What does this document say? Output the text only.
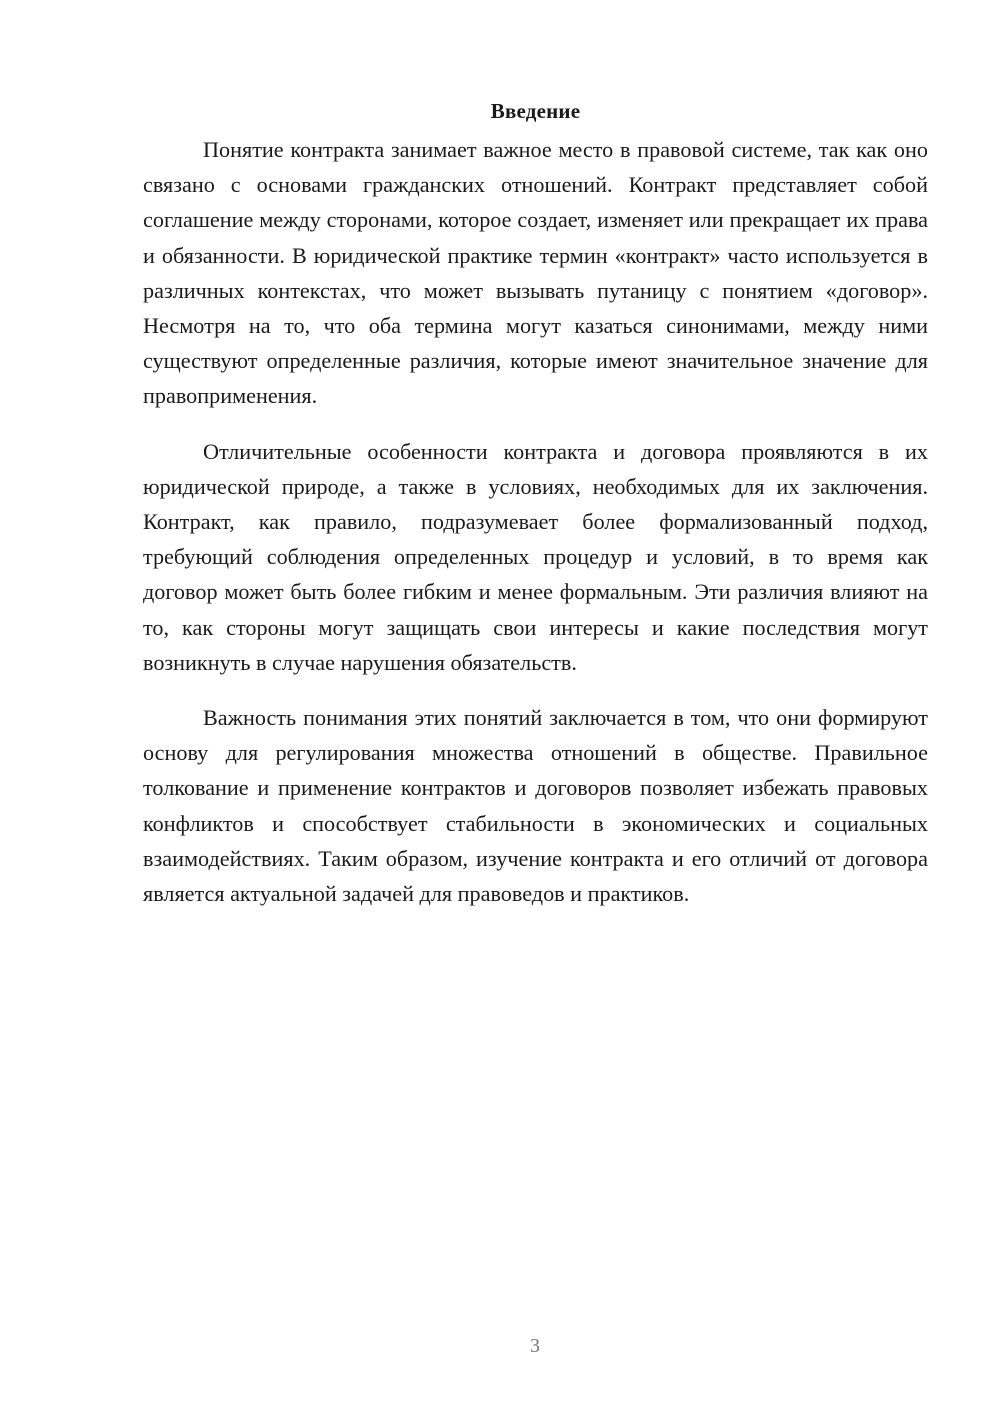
Введение

Понятие контракта занимает важное место в правовой системе, так как оно связано с основами гражданских отношений. Контракт представляет собой соглашение между сторонами, которое создает, изменяет или прекращает их права и обязанности. В юридической практике термин «контракт» часто используется в различных контекстах, что может вызывать путаницу с понятием «договор». Несмотря на то, что оба термина могут казаться синонимами, между ними существуют определенные различия, которые имеют значительное значение для правоприменения.

Отличительные особенности контракта и договора проявляются в их юридической природе, а также в условиях, необходимых для их заключения. Контракт, как правило, подразумевает более формализованный подход, требующий соблюдения определенных процедур и условий, в то время как договор может быть более гибким и менее формальным. Эти различия влияют на то, как стороны могут защищать свои интересы и какие последствия могут возникнуть в случае нарушения обязательств.

Важность понимания этих понятий заключается в том, что они формируют основу для регулирования множества отношений в обществе. Правильное толкование и применение контрактов и договоров позволяет избежать правовых конфликтов и способствует стабильности в экономических и социальных взаимодействиях. Таким образом, изучение контракта и его отличий от договора является актуальной задачей для правоведов и практиков.

3
